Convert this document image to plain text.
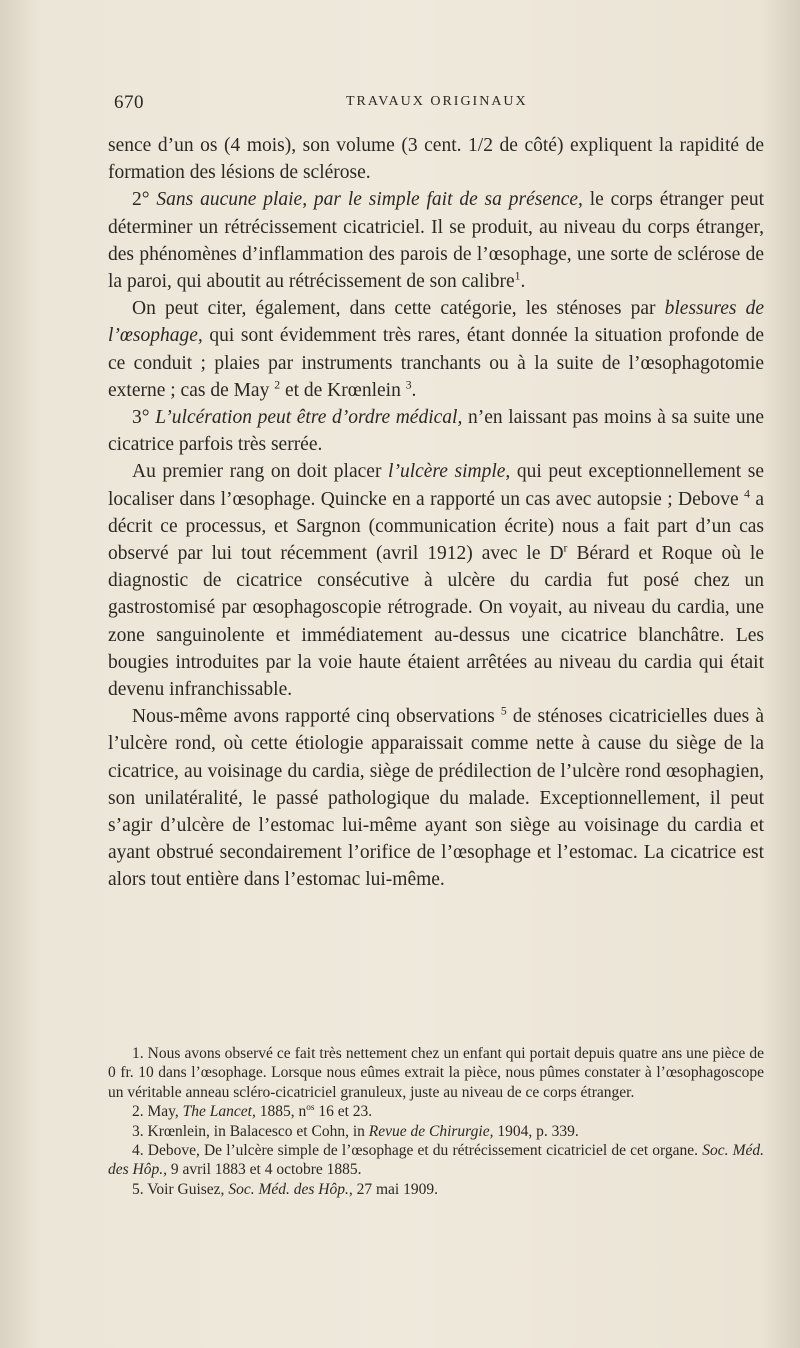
670	TRAVAUX ORIGINAUX

sence d’un os (4 mois), son volume (3 cent. 1/2 de côté) expliquent la rapidité de formation des lésions de sclérose.

2° Sans aucune plaie, par le simple fait de sa présence, le corps étranger peut déterminer un rétrécissement cicatriciel. Il se produit, au niveau du corps étranger, des phénomènes d’inflammation des parois de l’œsophage, une sorte de sclérose de la paroi, qui aboutit au rétrécissement de son calibre$^1$.

On peut citer, également, dans cette catégorie, les sténoses par blessures de l’œsophage, qui sont évidemment très rares, étant donnée la situation profonde de ce conduit ; plaies par instruments tranchants ou à la suite de l’œsophagotomie externe ; cas de May $^2$ et de Krœnlein $^3$.

3° L’ulcération peut être d’ordre médical, n’en laissant pas moins à sa suite une cicatrice parfois très serrée.

Au premier rang on doit placer l’ulcère simple, qui peut exceptionnellement se localiser dans l’œsophage. Quincke en a rapporté un cas avec autopsie ; Debove $^4$ a décrit ce processus, et Sargnon (communication écrite) nous a fait part d’un cas observé par lui tout récemment (avril 1912) avec le $D^r$ Bérard et Roque où le diagnostic de cicatrice consécutive à ulcère du cardia fut posé chez un gastrostomisé par œsophagoscopie rétrograde. On voyait, au niveau du cardia, une zone sanguinolente et immédiatement au-dessus une cicatrice blanchâtre. Les bougies introduites par la voie haute étaient arrêtées au niveau du cardia qui était devenu infranchissable.

Nous-même avons rapporté cinq observations $^5$ de sténoses cicatricielles dues à l’ulcère rond, où cette étiologie apparaissait comme nette à cause du siège de la cicatrice, au voisinage du cardia, siège de prédilection de l’ulcère rond œsophagien, son unilatéralité, le passé pathologique du malade. Exceptionnellement, il peut s’agir d’ulcère de l’estomac lui-même ayant son siège au voisinage du cardia et ayant obstrué secondairement l’orifice de l’œsophage et l’estomac. La cicatrice est alors tout entière dans l’estomac lui-même.

1. Nous avons observé ce fait très nettement chez un enfant qui portait depuis quatre ans une pièce de 0 fr. 10 dans l’œsophage. Lorsque nous eûmes extrait la pièce, nous pûmes constater à l’œsophagoscope un véritable anneau scléro-cicatriciel granuleux, juste au niveau de ce corps étranger.

2. May, The Lancet, 1885, $n^{os}$ 16 et 23.

3. Krœnlein, in Balacesco et Cohn, in Revue de Chirurgie, 1904, p. 339.

4. Debove, De l’ulcère simple de l’œsophage et du rétrécissement cicatriciel de cet organe. Soc. Méd. des Hôp., 9 avril 1883 et 4 octobre 1885.

5. Voir Guisez, Soc. Méd. des Hôp., 27 mai 1909.
